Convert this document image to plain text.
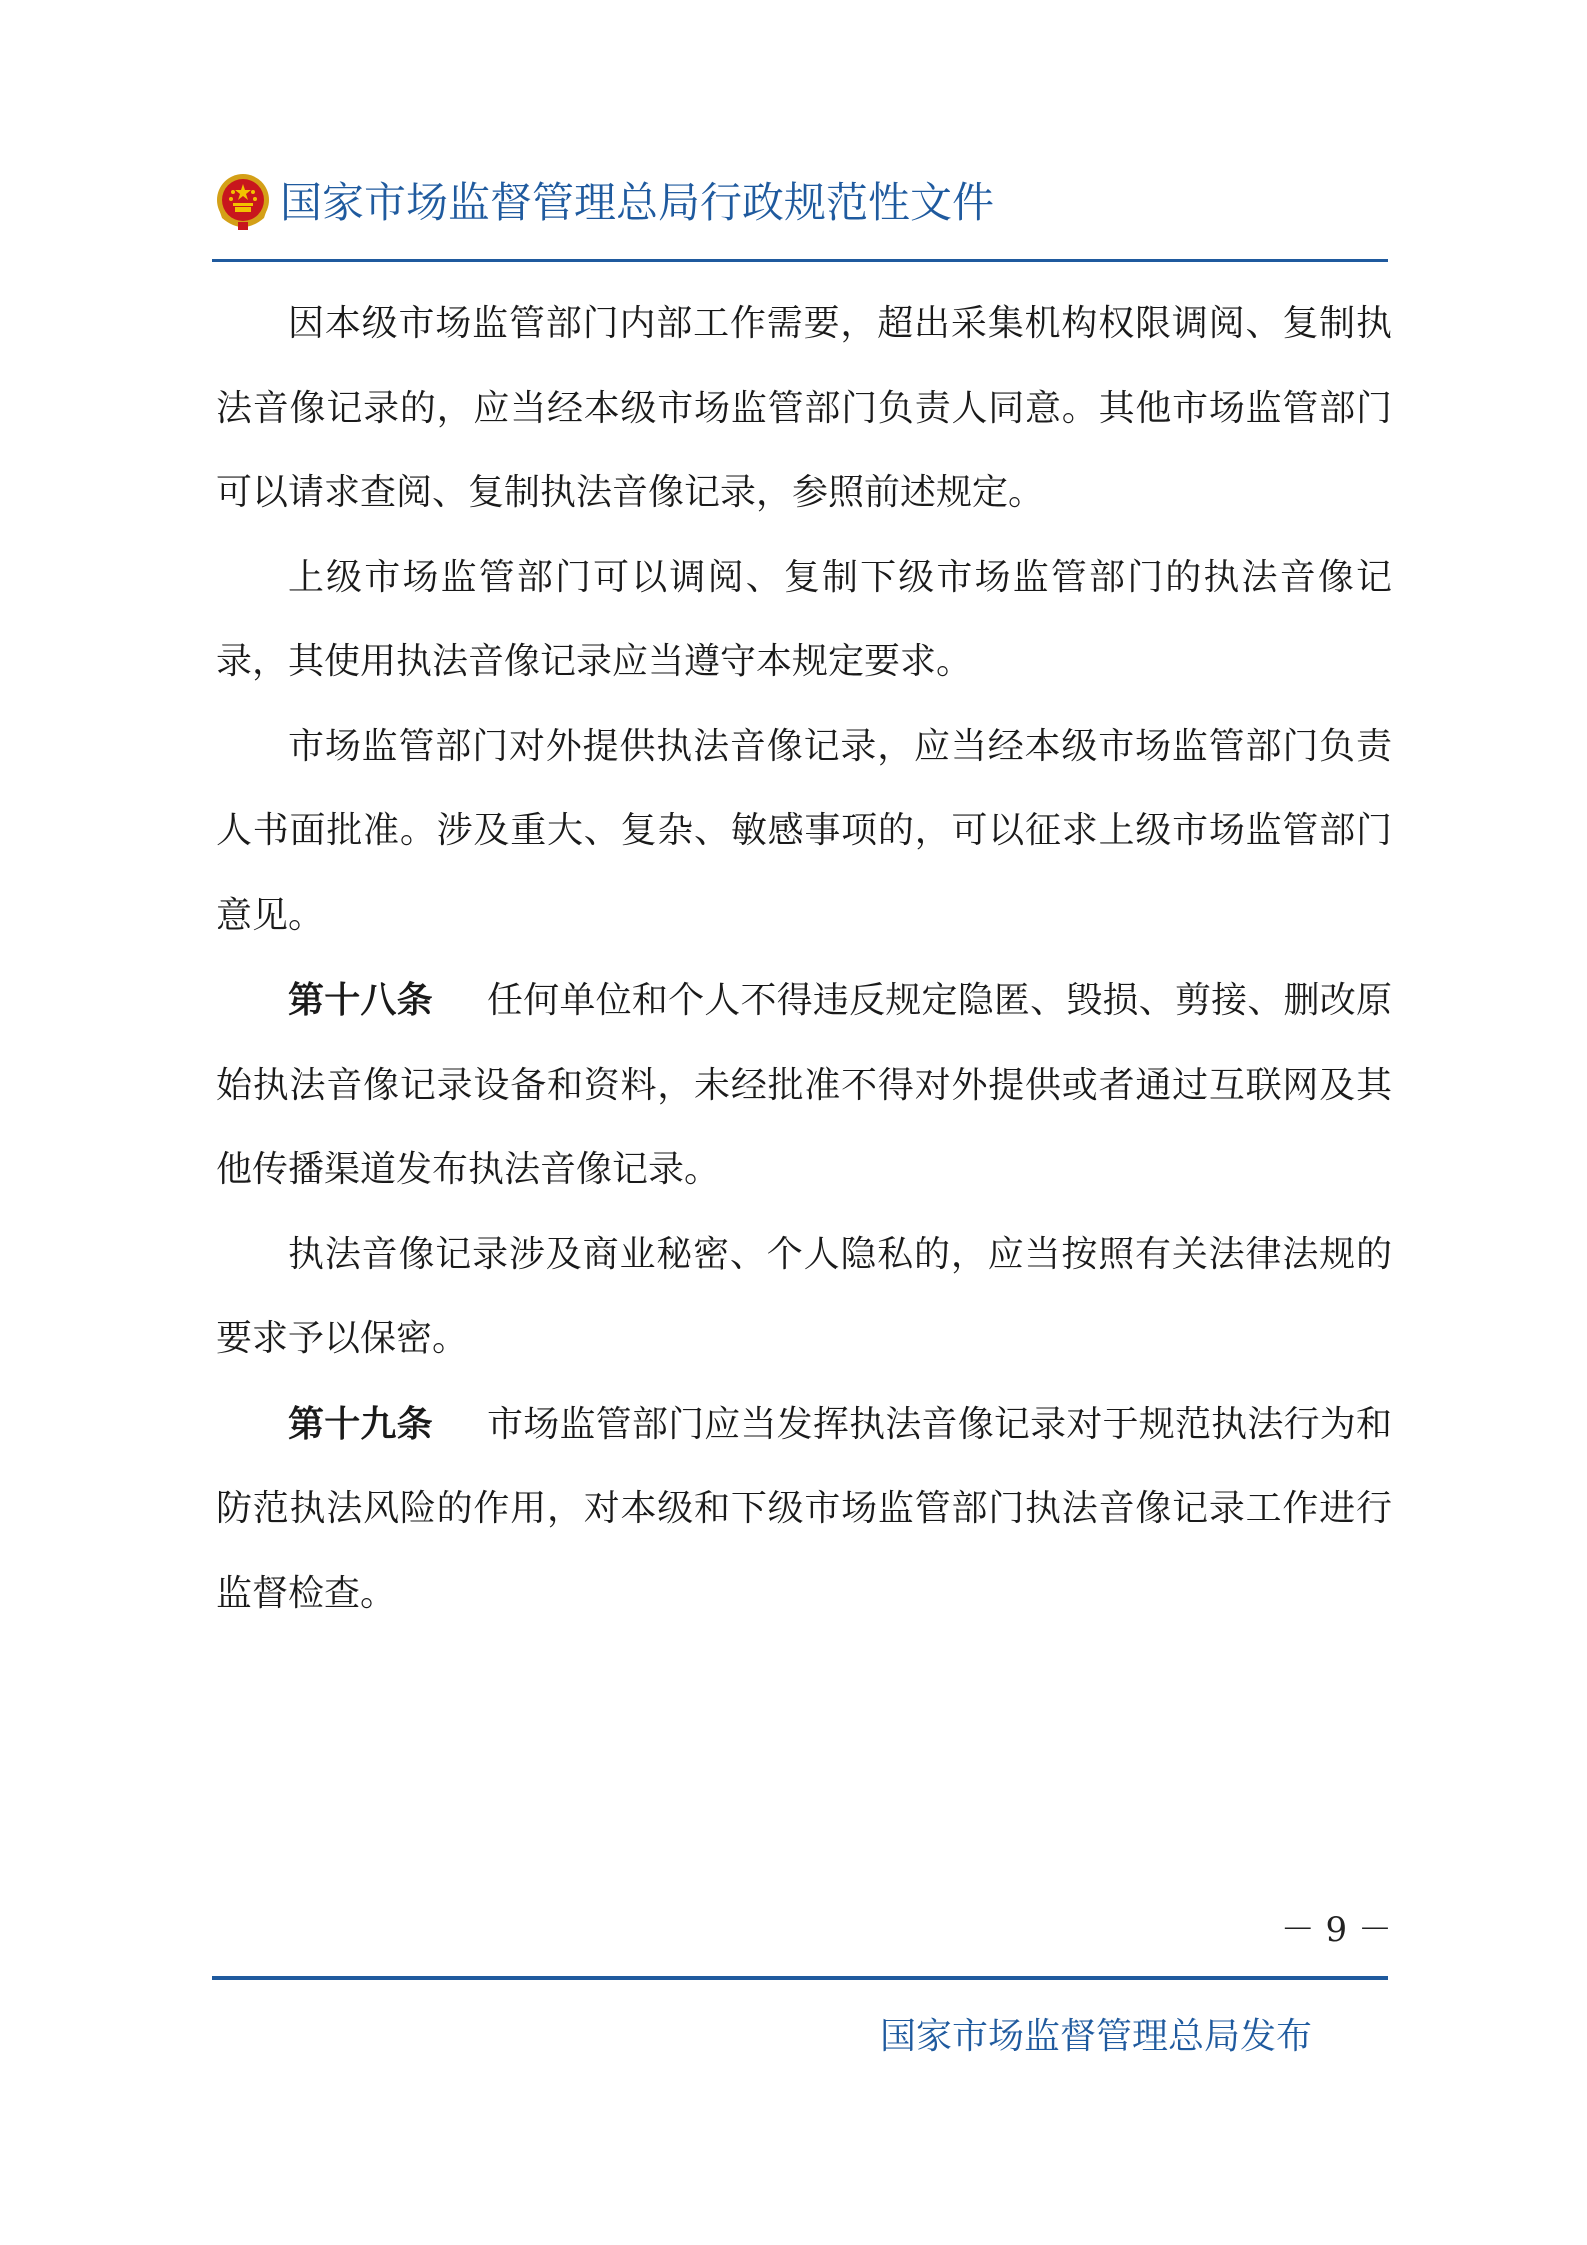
国家市场监督管理总局行政规范性文件

因本级市场监管部门内部工作需要，超出采集机构权限调阅、复制执法音像记录的，应当经本级市场监管部门负责人同意。其他市场监管部门可以请求查阅、复制执法音像记录，参照前述规定。

上级市场监管部门可以调阅、复制下级市场监管部门的执法音像记录，其使用执法音像记录应当遵守本规定要求。

市场监管部门对外提供执法音像记录，应当经本级市场监管部门负责人书面批准。涉及重大、复杂、敏感事项的，可以征求上级市场监管部门意见。

第十八条 任何单位和个人不得违反规定隐匿、毁损、剪接、删改原始执法音像记录设备和资料，未经批准不得对外提供或者通过互联网及其他传播渠道发布执法音像记录。

执法音像记录涉及商业秘密、个人隐私的，应当按照有关法律法规的要求予以保密。

第十九条 市场监管部门应当发挥执法音像记录对于规范执法行为和防范执法风险的作用，对本级和下级市场监管部门执法音像记录工作进行监督检查。

－ 9 －
国家市场监督管理总局发布
